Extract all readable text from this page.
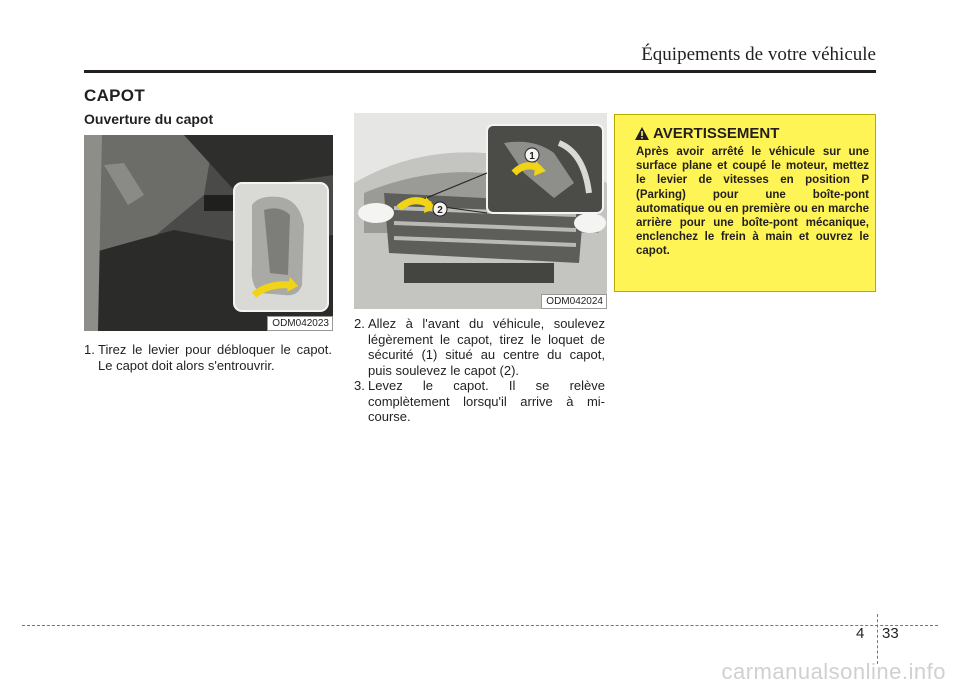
Équipements de votre véhicule
CAPOT
Ouverture du capot
ODM042023
1
2
ODM042024
1. Tirez le levier pour débloquer le capot. Le capot doit alors s'entrouvrir.
2. Allez à l'avant du véhicule, soulevez légèrement le capot, tirez le loquet de sécurité (1) situé au centre du capot, puis soulevez le capot (2).
3. Levez le capot. Il se relève complètement lorsqu'il arrive à mi-course.
AVERTISSEMENT
Après avoir arrêté le véhicule sur une surface plane et coupé le moteur, mettez le levier de vitesses en position P (Parking) pour une boîte-pont automatique ou en première ou en marche arrière pour une boîte-pont mécanique, enclenchez le frein à main et ouvrez le capot.
4 33
carmanualsonline.info
